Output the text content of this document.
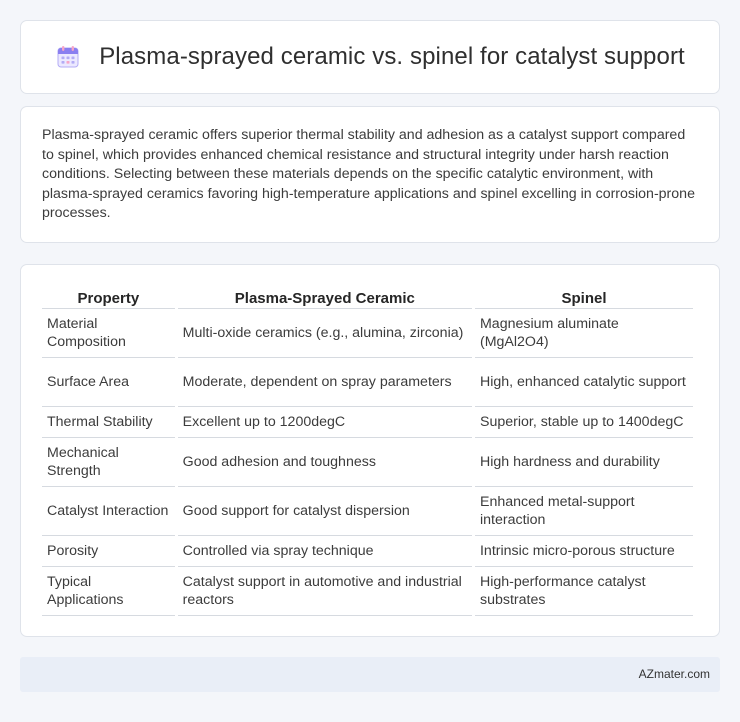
Plasma-sprayed ceramic vs. spinel for catalyst support

Plasma-sprayed ceramic offers superior thermal stability and adhesion as a catalyst support compared to spinel, which provides enhanced chemical resistance and structural integrity under harsh reaction conditions. Selecting between these materials depends on the specific catalytic environment, with plasma-sprayed ceramics favoring high-temperature applications and spinel excelling in corrosion-prone processes.

Property	Plasma-Sprayed Ceramic	Spinel
Material Composition	Multi-oxide ceramics (e.g., alumina, zirconia)	Magnesium aluminate (MgAl2O4)
Surface Area	Moderate, dependent on spray parameters	High, enhanced catalytic support
Thermal Stability	Excellent up to 1200degC	Superior, stable up to 1400degC
Mechanical Strength	Good adhesion and toughness	High hardness and durability
Catalyst Interaction	Good support for catalyst dispersion	Enhanced metal-support interaction
Porosity	Controlled via spray technique	Intrinsic micro-porous structure
Typical Applications	Catalyst support in automotive and industrial reactors	High-performance catalyst substrates
AZmater.com
